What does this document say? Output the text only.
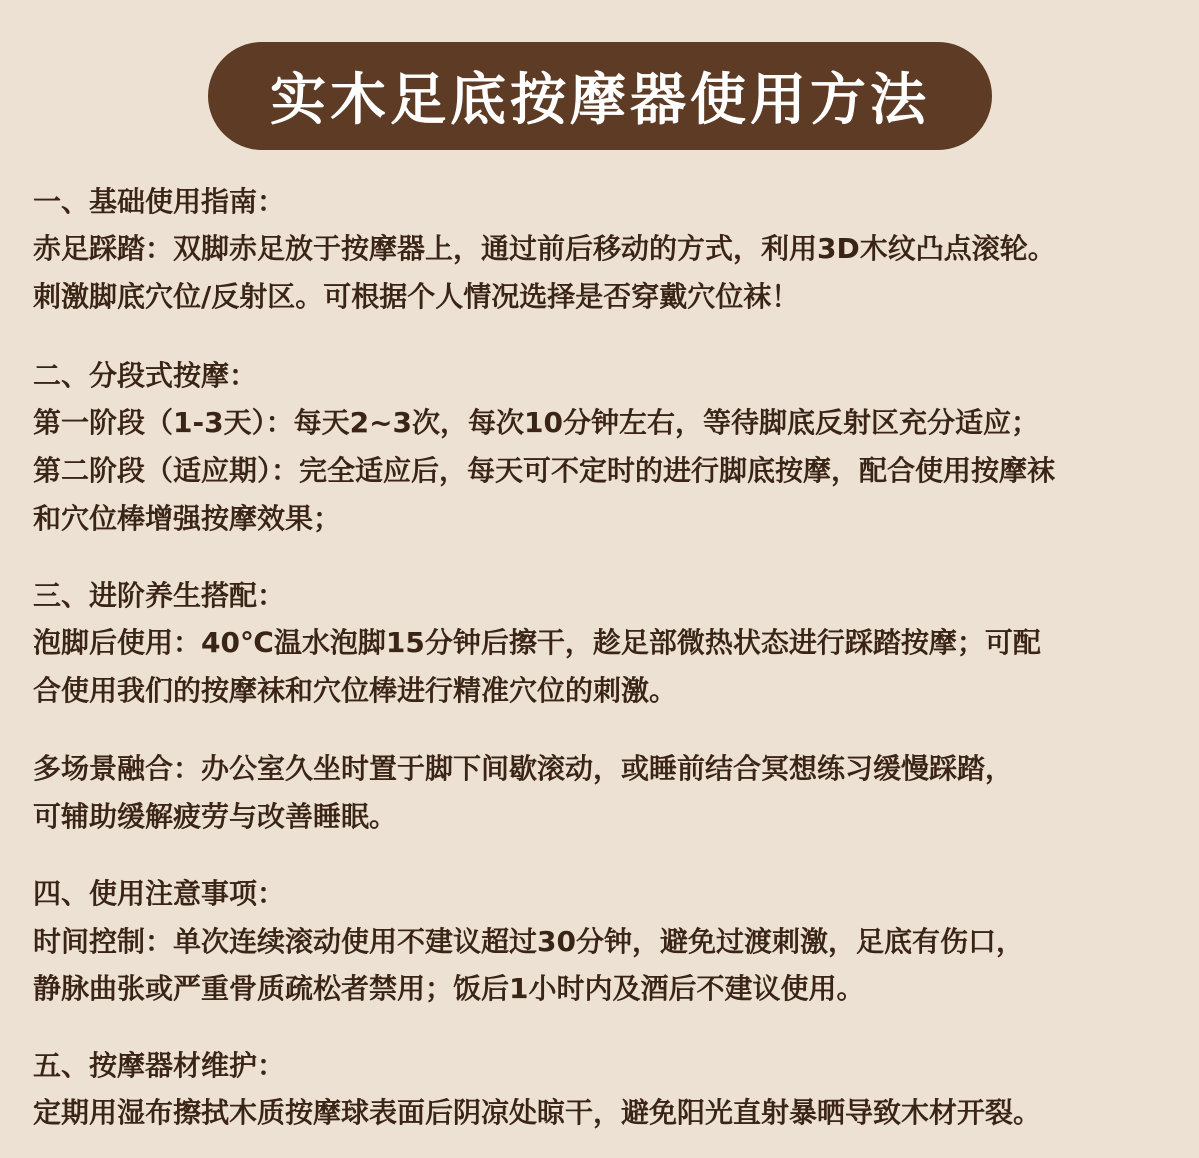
实木足底按摩器使用方法
一、基础使用指南：
赤足踩踏：双脚赤足放于按摩器上，通过前后移动的方式，利用3D木纹凸点滚轮。
刺激脚底穴位/反射区。可根据个人情况选择是否穿戴穴位袜！
二、分段式按摩：
第一阶段（1-3天）：每天2~3次，每次10分钟左右，等待脚底反射区充分适应；
第二阶段（适应期）：完全适应后，每天可不定时的进行脚底按摩，配合使用按摩袜
和穴位棒增强按摩效果；
三、进阶养生搭配：
泡脚后使用：40℃温水泡脚15分钟后擦干，趁足部微热状态进行踩踏按摩；可配
合使用我们的按摩袜和穴位棒进行精准穴位的刺激。
多场景融合：办公室久坐时置于脚下间歇滚动，或睡前结合冥想练习缓慢踩踏，
可辅助缓解疲劳与改善睡眠。
四、使用注意事项：
时间控制：单次连续滚动使用不建议超过30分钟，避免过渡刺激，足底有伤口，
静脉曲张或严重骨质疏松者禁用；饭后1小时内及酒后不建议使用。
五、按摩器材维护：
定期用湿布擦拭木质按摩球表面后阴凉处晾干，避免阳光直射暴晒导致木材开裂。
